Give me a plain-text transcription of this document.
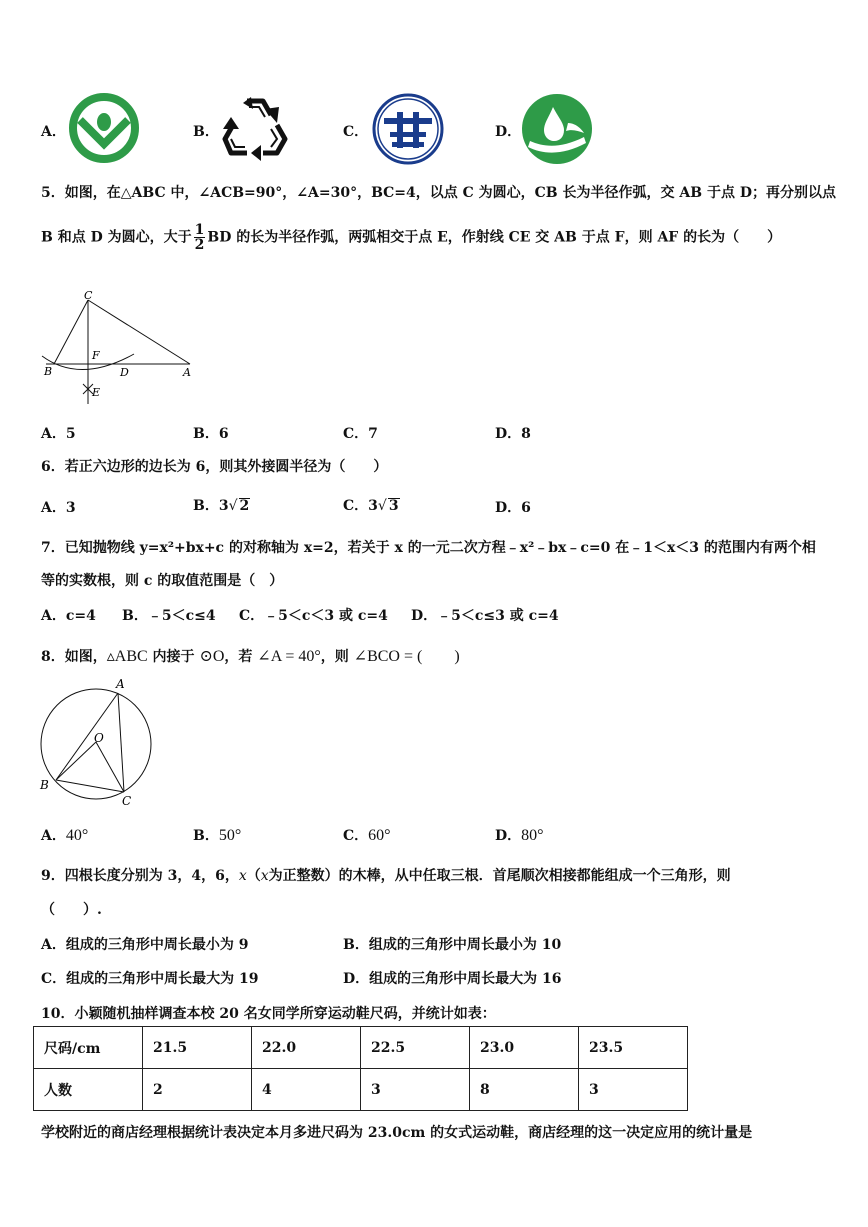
A．	B．	C．	D．
5．如图，在△ABC 中，∠ACB=90°，∠A=30°，BC=4，以点 C 为圆心，CB 长为半径作弧，交 AB 于点 D；再分别以点
B 和点 D 为圆心，大于 $\frac{1}{2}$ BD 的长为半径作弧，两弧相交于点 E，作射线 CE 交 AB 于点 F，则 AF 的长为（　　）
C
F
B	D	A
E
A．5	B．6	C．7	D．8
6．若正六边形的边长为 6，则其外接圆半径为（　　）
A．3	B．3√ 2	C．3√ 3	D．6
7．已知抛物线 y=x²+bx+c 的对称轴为 x=2，若关于 x 的一元二次方程﹣x²﹣bx﹣c=0 在﹣1＜x＜3 的范围内有两个相
等的实数根，则 c 的取值范围是（　）
A．c=4 B．﹣5＜c≤4 C．﹣5＜c＜3 或 c=4 D．﹣5＜c≤3 或 c=4
8．如图，▵ABC 内接于 ⊙O，若 ∠A = 40°，则 ∠BCO = (　　)
A
O
B
C
A．40°	B．50°	C．60°	D．80°
9．四根长度分别为 3，4，6，x（x为正整数）的木棒，从中任取三根．首尾顺次相接都能组成一个三角形，则
（　　）.
A．组成的三角形中周长最小为 9	B．组成的三角形中周长最小为 10
C．组成的三角形中周长最大为 19	D．组成的三角形中周长最大为 16
10．小颖随机抽样调查本校 20 名女同学所穿运动鞋尺码，并统计如表：
尺码/cm	21.5	22.0	22.5	23.0	23.5
人数	2	4	3	8	3
学校附近的商店经理根据统计表决定本月多进尺码为 23.0cm 的女式运动鞋，商店经理的这一决定应用的统计量是
